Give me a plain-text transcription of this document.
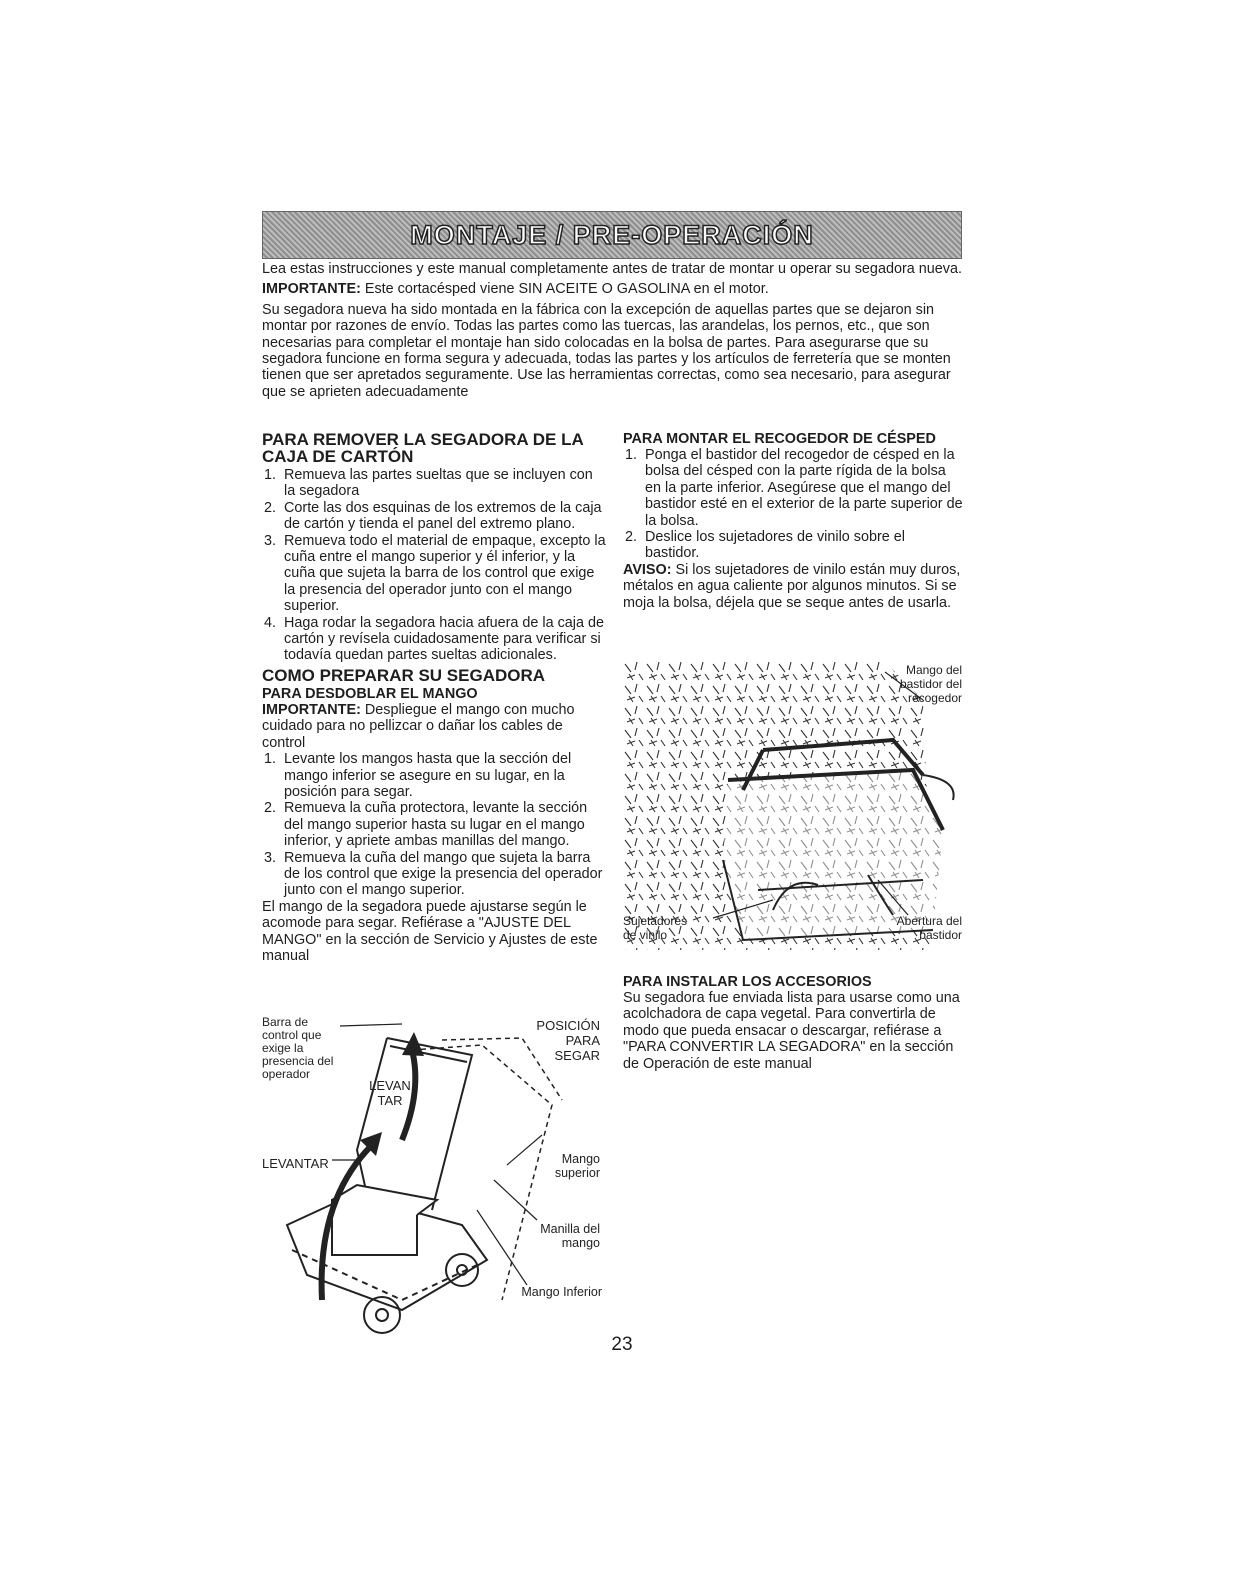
MONTAJE / PRE-OPERACIÓN

Lea estas instrucciones y este manual completamente antes de tratar de montar u operar su segadora nueva.

IMPORTANTE: Este cortacésped viene SIN ACEITE O GASOLINA en el motor.

Su segadora nueva ha sido montada en la fábrica con la excepción de aquellas partes que se dejaron sin montar por razones de envío. Todas las partes como las tuercas, las arandelas, los pernos, etc., que son necesarias para completar el montaje han sido colocadas en la bolsa de partes. Para asegurarse que su segadora funcione en forma segura y adecuada, todas las partes y los artículos de ferretería que se monten tienen que ser apretados seguramente. Use las herramientas correctas, como sea necesario, para asegurar que se aprieten adecuadamente

PARA REMOVER LA SEGADORA DE LA CAJA DE CARTÓN
1. Remueva las partes sueltas que se incluyen con la segadora
2. Corte las dos esquinas de los extremos de la caja de cartón y tienda el panel del extremo plano.
3. Remueva todo el material de empaque, excepto la cuña entre el mango superior y él inferior, y la cuña que sujeta la barra de los control que exige la presencia del operador junto con el mango superior.
4. Haga rodar la segadora hacia afuera de la caja de cartón y revísela cuidadosamente para verificar si todavía quedan partes sueltas adicionales.
COMO PREPARAR SU SEGADORA
PARA DESDOBLAR EL MANGO

IMPORTANTE: Despliegue el mango con mucho cuidado para no pellizcar o dañar los cables de control

1. Levante los mangos hasta que la sección del mango inferior se asegure en su lugar, en la posición para segar.
2. Remueva la cuña protectora, levante la sección del mango superior hasta su lugar en el mango inferior, y apriete ambas manillas del mango.
3. Remueva la cuña del mango que sujeta la barra de los control que exige la presencia del operador junto con el mango superior.

El mango de la segadora puede ajustarse según le acomode para segar. Refiérase a "AJUSTE DEL MANGO" en la sección de Servicio y Ajustes de este manual

Barra de control que exige la presencia del operador
POSICIÓN PARA SEGAR
LEVANTAR
LEVANTAR	Mango superior
Manilla del mango
Mango Inferior
PARA MONTAR EL RECOGEDOR DE CÉSPED
1. Ponga el bastidor del recogedor de césped en la bolsa del césped con la parte rígida de la bolsa en la parte inferior. Asegúrese que el mango del bastidor esté en el exterior de la parte superior de la bolsa.
2. Deslice los sujetadores de vinilo sobre el bastidor.

AVISO: Si los sujetadores de vinilo están muy duros, métalos en agua caliente por algunos minutos. Si se moja la bolsa, déjela que se seque antes de usarla.

Mango del bastidor del recogedor
Sujetadores de vinilo
Abertura del bastidor
PARA INSTALAR LOS ACCESORIOS

Su segadora fue enviada lista para usarse como una acolchadora de capa vegetal. Para convertirla de modo que pueda ensacar o descargar, refiérase a "PARA CONVERTIR LA SEGADORA" en la sección de Operación de este manual

23
